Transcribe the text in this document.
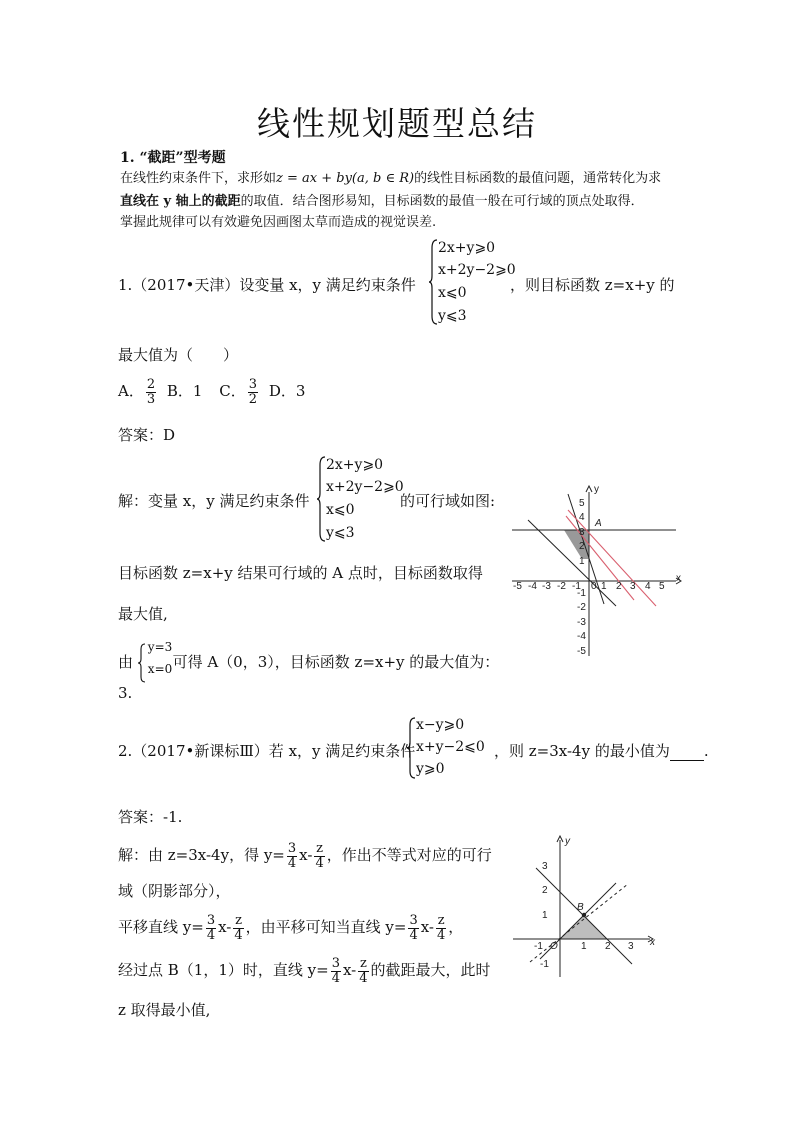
线性规划题型总结
1. “截距”型考题
在线性约束条件下，求形如z = ax + by(a, b ∈ R)的线性目标函数的最值问题，通常转化为求
直线在 y 轴上的截距的取值．结合图形易知，目标函数的最值一般在可行域的顶点处取得．
掌握此规律可以有效避免因画图太草而造成的视觉误差.
1.（2017•天津）设变量 x，y 满足约束条件
2x+y⩾0
x+2y−2⩾0
x⩽0
y⩽3
，则目标函数 z=x+y 的
最大值为（　　）
A． $\frac{2}{3}$ B．1 C． $\frac{3}{2}$ D．3
答案：D
解：变量 x，y 满足约束条件
2x+y⩾0
x+2y−2⩾0
x⩽0
y⩽3
的可行域如图:
目标函数 z=x+y 结果可行域的 A 点时，目标函数取得
最大值,
由
y=3
x=0 可得 A（0，3），目标函数 z=x+y 的最大值为：
3.
-5 -4 -3 -2 -1 0 1 2 3 4 5
x
5
4
3
2
1
-1
-2
-3
-4
-5
y
A
2.（2017•新课标Ⅲ）若 x，y 满足约束条件
x−y⩾0
x+y−2⩽0
y⩾0
，则 z=3x-4y 的最小值为 .
答案：-1.
解：由 z=3x-4y，得 $y= \frac{3}{4} x- \frac{z}{4}$ ，作出不等式对应的可行
域（阴影部分），
平移直线 $y= \frac{3}{4} x- \frac{z}{4}$ ，由平移可知当直线 $y= \frac{3}{4} x- \frac{z}{4}$ ，
经过点 B（1，1）时，直线 $y= \frac{3}{4} x- \frac{z}{4}$ 的截距最大，此时
z 取得最小值,
y
3
2
1
-1
-1 O 1 2 3 x
B
